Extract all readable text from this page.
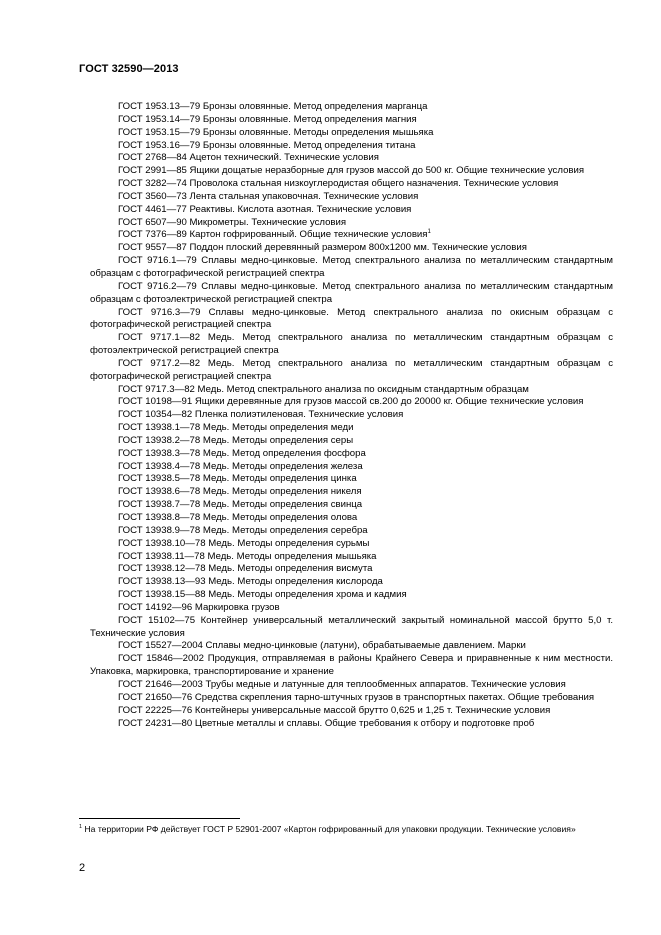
ГОСТ 32590—2013
ГОСТ 1953.13—79 Бронзы оловянные. Метод определения марганца
ГОСТ 1953.14—79 Бронзы оловянные. Метод определения магния
ГОСТ 1953.15—79 Бронзы оловянные. Методы определения мышьяка
ГОСТ 1953.16—79 Бронзы оловянные. Метод определения титана
ГОСТ 2768—84 Ацетон технический. Технические условия
ГОСТ 2991—85 Ящики дощатые неразборные для грузов массой до 500 кг. Общие технические условия
ГОСТ 3282—74 Проволока стальная низкоуглеродистая общего назначения. Технические условия
ГОСТ 3560—73 Лента стальная упаковочная. Технические условия
ГОСТ 4461—77 Реактивы. Кислота азотная. Технические условия
ГОСТ 6507—90 Микрометры. Технические условия
ГОСТ 7376—89 Картон гофрированный. Общие технические условия$^1$
ГОСТ 9557—87 Поддон плоский деревянный размером 800х1200 мм. Технические условия
ГОСТ 9716.1—79 Сплавы медно-цинковые. Метод спектрального анализа по металлическим стандартным образцам с фотографической регистрацией спектра
ГОСТ 9716.2—79 Сплавы медно-цинковые. Метод спектрального анализа по металлическим стандартным образцам с фотоэлектрической регистрацией спектра
ГОСТ 9716.3—79 Сплавы медно-цинковые. Метод спектрального анализа по окисным образцам с фотографической регистрацией спектра
ГОСТ 9717.1—82 Медь. Метод спектрального анализа по металлическим стандартным образцам с фотоэлектрической регистрацией спектра
ГОСТ 9717.2—82 Медь. Метод спектрального анализа по металлическим стандартным образцам с фотографической регистрацией спектра
ГОСТ 9717.3—82 Медь. Метод спектрального анализа по оксидным стандартным образцам
ГОСТ 10198—91 Ящики деревянные для грузов массой св.200 до 20000 кг. Общие технические условия
ГОСТ 10354—82 Пленка полиэтиленовая. Технические условия
ГОСТ 13938.1—78 Медь. Методы определения меди
ГОСТ 13938.2—78 Медь. Методы определения серы
ГОСТ 13938.3—78 Медь. Метод определения фосфора
ГОСТ 13938.4—78 Медь. Методы определения железа
ГОСТ 13938.5—78 Медь. Методы определения цинка
ГОСТ 13938.6—78 Медь. Методы определения никеля
ГОСТ 13938.7—78 Медь. Методы определения свинца
ГОСТ 13938.8—78 Медь. Методы определения олова
ГОСТ 13938.9—78 Медь. Методы определения серебра
ГОСТ 13938.10—78 Медь. Методы определения сурьмы
ГОСТ 13938.11—78 Медь. Методы определения мышьяка
ГОСТ 13938.12—78 Медь. Методы определения висмута
ГОСТ 13938.13—93 Медь. Методы определения кислорода
ГОСТ 13938.15—88 Медь. Методы определения хрома и кадмия
ГОСТ 14192—96 Маркировка грузов
ГОСТ 15102—75 Контейнер универсальный металлический закрытый номинальной массой брутто 5,0 т. Технические условия
ГОСТ 15527—2004 Сплавы медно-цинковые (латуни), обрабатываемые давлением. Марки
ГОСТ 15846—2002 Продукция, отправляемая в районы Крайнего Севера и приравненные к ним местности. Упаковка, маркировка, транспортирование и хранение
ГОСТ 21646—2003 Трубы медные и латунные для теплообменных аппаратов. Технические условия
ГОСТ 21650—76 Средства скрепления тарно-штучных грузов в транспортных пакетах. Общие требования
ГОСТ 22225—76 Контейнеры универсальные массой брутто 0,625 и 1,25 т. Технические условия
ГОСТ 24231—80 Цветные металлы и сплавы. Общие требования к отбору и подготовке проб
$^1$ На территории РФ действует ГОСТ Р 52901-2007 «Картон гофрированный для упаковки продукции. Технические условия»
2
